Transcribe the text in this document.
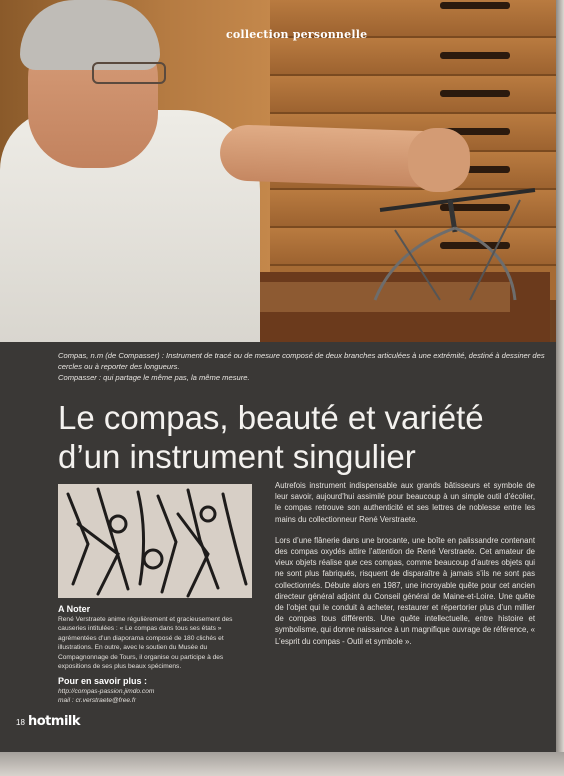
collection personnelle
Compas, n.m (de Compasser) : Instrument de tracé ou de mesure composé de deux branches articulées à une extrémité, destiné à dessiner des cercles ou à reporter des longueurs.
Compasser : qui partage le même pas, la même mesure.
Le compas, beauté et variété
d’un instrument singulier
A Noter
René Verstraete anime régulièrement et gracieusement des causeries intitulées : « Le compas dans tous ses états » agrémentées d’un diaporama composé de 180 clichés et illustrations. En outre, avec le soutien du Musée du Compagnonnage de Tours, il organise ou participe à des expositions de ses plus beaux spécimens.
Pour en savoir plus :
http://compas-passion.jimdo.com
mail : cr.verstraete@free.fr

Autrefois instrument indispensable aux grands bâtisseurs et symbole de leur savoir, aujourd’hui assimilé pour beaucoup à un simple outil d’écolier, le compas retrouve son authenticité et ses lettres de noblesse entre les mains du collectionneur René Verstraete.

Lors d’une flânerie dans une brocante, une boîte en palissandre contenant des compas oxydés attire l’attention de René Verstraete. Cet amateur de vieux objets réalise que ces compas, comme beaucoup d’autres objets qui ne sont plus fabriqués, risquent de disparaître à jamais s’ils ne sont pas collectionnés. Débute alors en 1987, une incroyable quête pour cet ancien directeur général adjoint du Conseil général de Maine-et-Loire. Une quête de l’objet qui le conduit à acheter, restaurer et répertorier plus d’un millier de compas tous différents. Une quête intellectuelle, entre histoire et symbolisme, qui donne naissance à un magnifique ouvrage de référence, « L’esprit du compas - Outil et symbole ».

18 hotmilk
